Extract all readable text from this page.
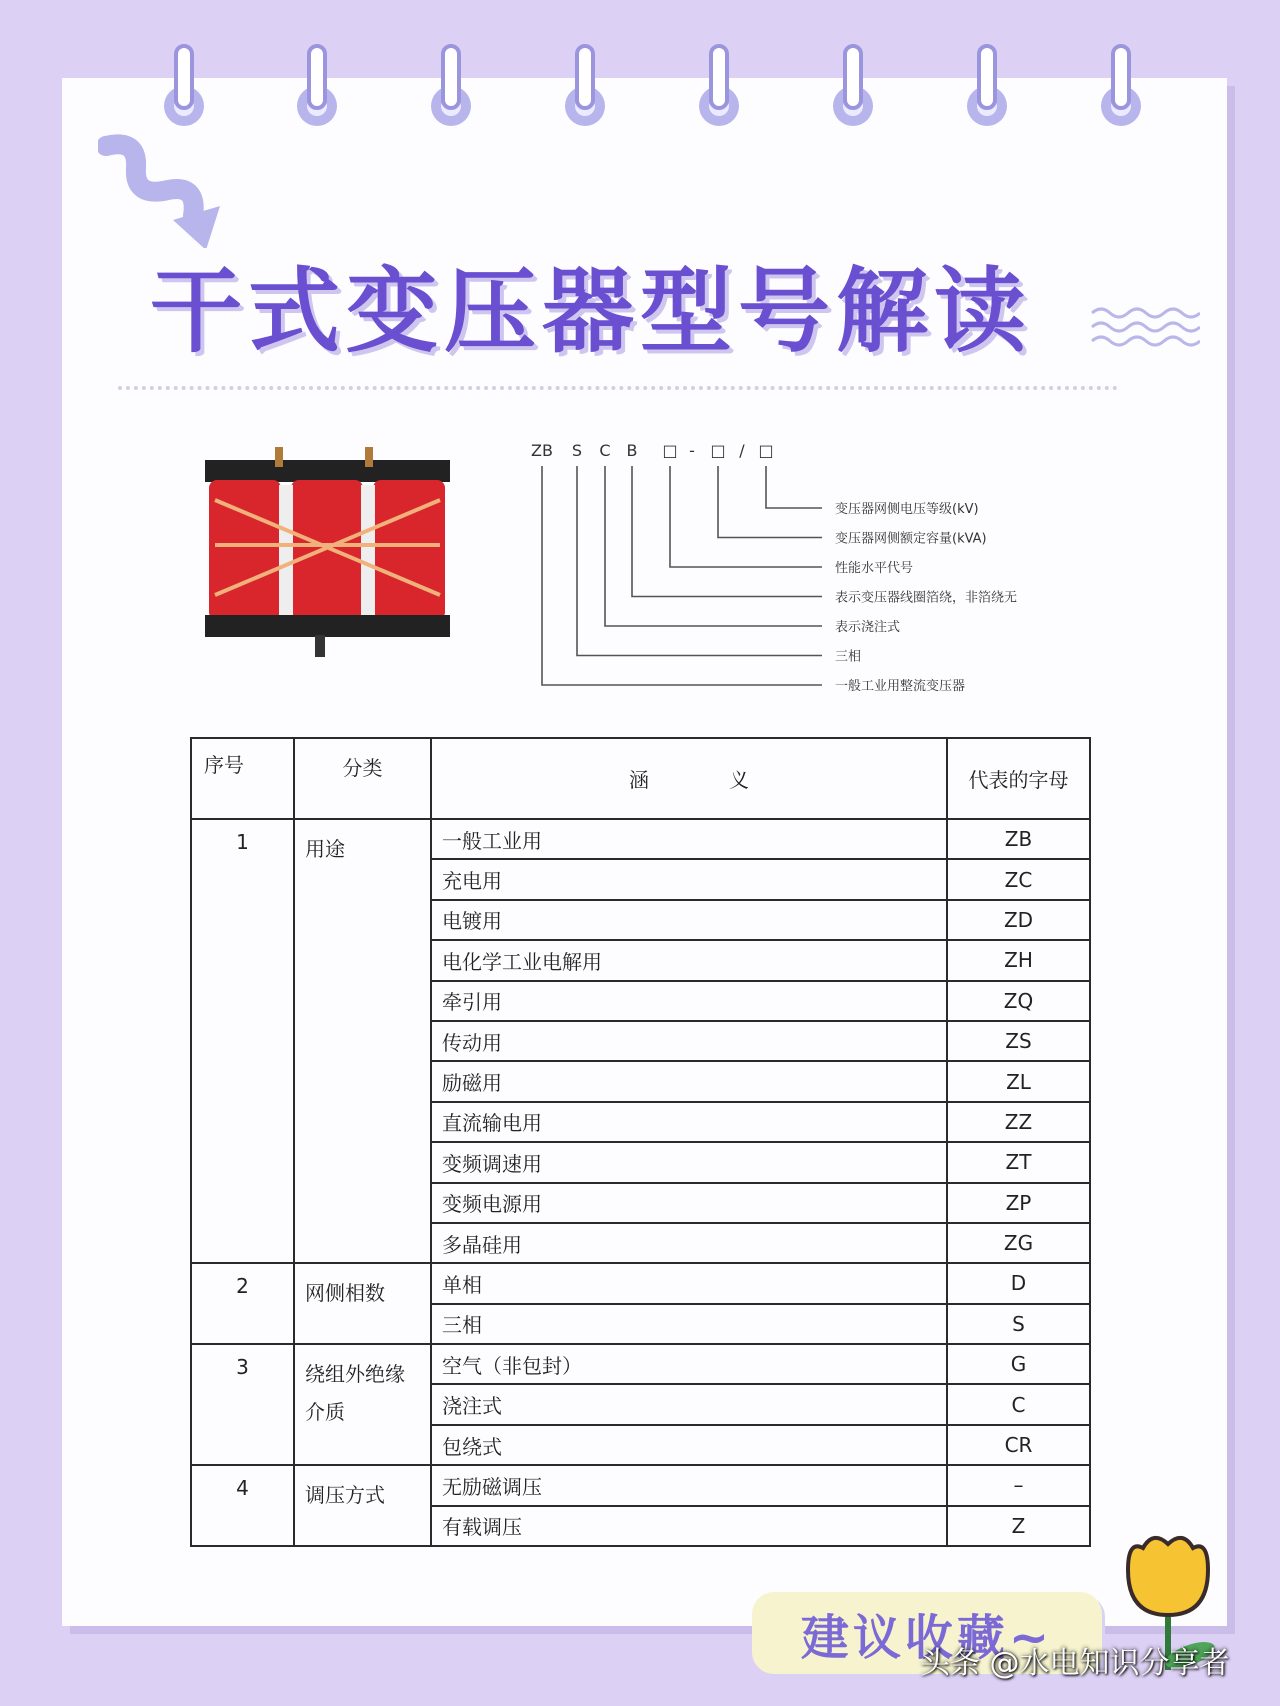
干式变压器型号解读
ZB S C B □ - □ / □
变压器网侧电压等级(kV)
变压器网侧额定容量(kVA)
性能水平代号
表示变压器线圈箔绕，非箔绕无
表示浇注式
三相
一般工业用整流变压器
序号	分类	涵　　　　义	代表的字母
1	用途	一般工业用	ZB
		充电用	ZC
		电镀用	ZD
		电化学工业电解用	ZH
		牵引用	ZQ
		传动用	ZS
		励磁用	ZL
		直流输电用	ZZ
		变频调速用	ZT
		变频电源用	ZP
		多晶硅用	ZG
2	网侧相数	单相	D
		三相	S
3	绕组外绝缘介质	空气（非包封）	G
		浇注式	C
		包绕式	CR
4	调压方式	无励磁调压	–
		有载调压	Z
建议收藏~
头条 @水电知识分享者
